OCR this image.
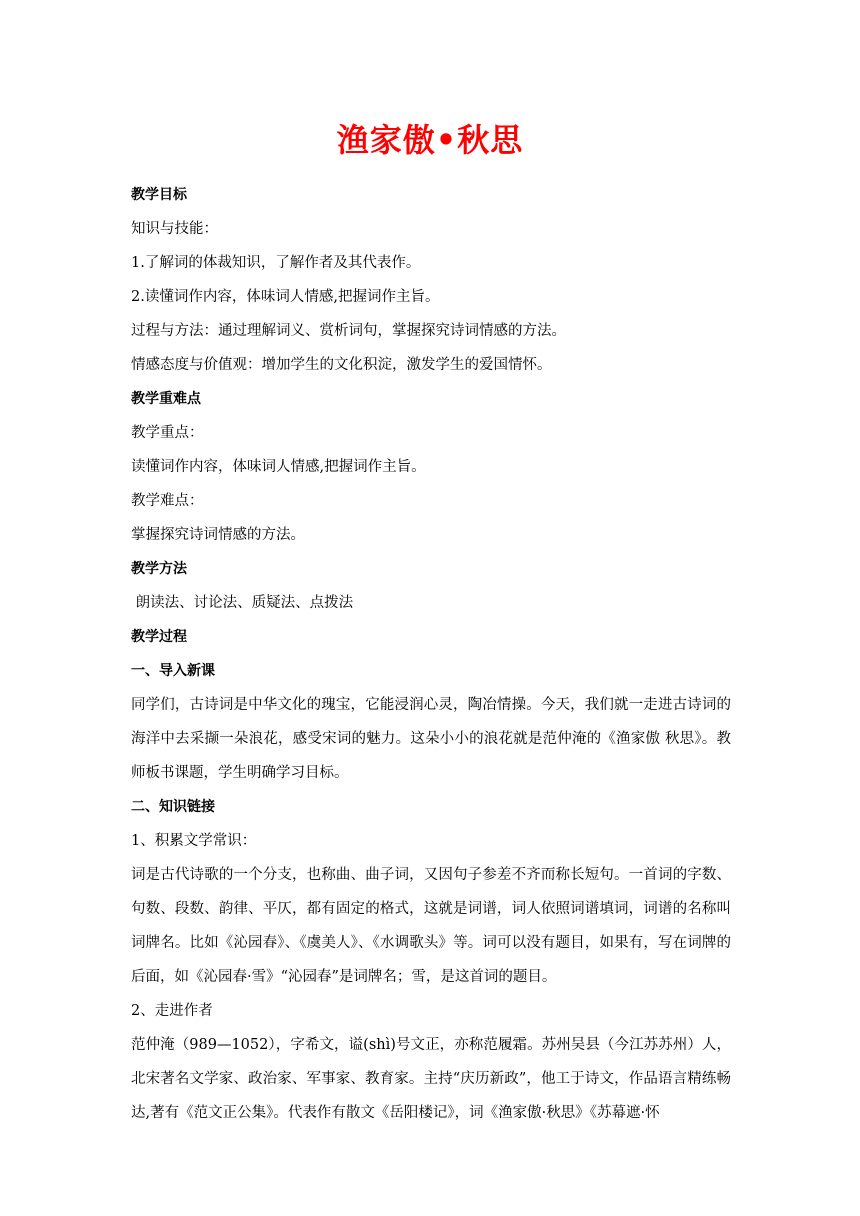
渔家傲•秋思

教学目标

知识与技能：

1.了解词的体裁知识，了解作者及其代表作。

2.读懂词作内容，体味词人情感,把握词作主旨。

过程与方法：通过理解词义、赏析词句，掌握探究诗词情感的方法。

情感态度与价值观：增加学生的文化积淀，激发学生的爱国情怀。

教学重难点

教学重点：

读懂词作内容，体味词人情感,把握词作主旨。

教学难点：

掌握探究诗词情感的方法。

教学方法

朗读法、讨论法、质疑法、点拨法

教学过程

一、导入新课

同学们，古诗词是中华文化的瑰宝，它能浸润心灵，陶冶情操。今天，我们就一走进古诗词的海洋中去采撷一朵浪花，感受宋词的魅力。这朵小小的浪花就是范仲淹的《渔家傲 秋思》。教师板书课题，学生明确学习目标。

二、知识链接

1、积累文学常识：

词是古代诗歌的一个分支，也称曲、曲子词，又因句子参差不齐而称长短句。一首词的字数、句数、段数、韵律、平仄，都有固定的格式，这就是词谱，词人依照词谱填词，词谱的名称叫词牌名。比如《沁园春》、《虞美人》、《水调歌头》等。词可以没有题目，如果有，写在词牌的后面，如《沁园春·雪》“沁园春”是词牌名；雪，是这首词的题目。

2、走进作者

范仲淹（989—1052），字希文，谥(shì)号文正，亦称范履霜。苏州吴县（今江苏苏州）人，北宋著名文学家、政治家、军事家、教育家。主持“庆历新政”，他工于诗文，作品语言精练畅达,著有《范文正公集》。代表作有散文《岳阳楼记》，词《渔家傲·秋思》《苏幕遮·怀
